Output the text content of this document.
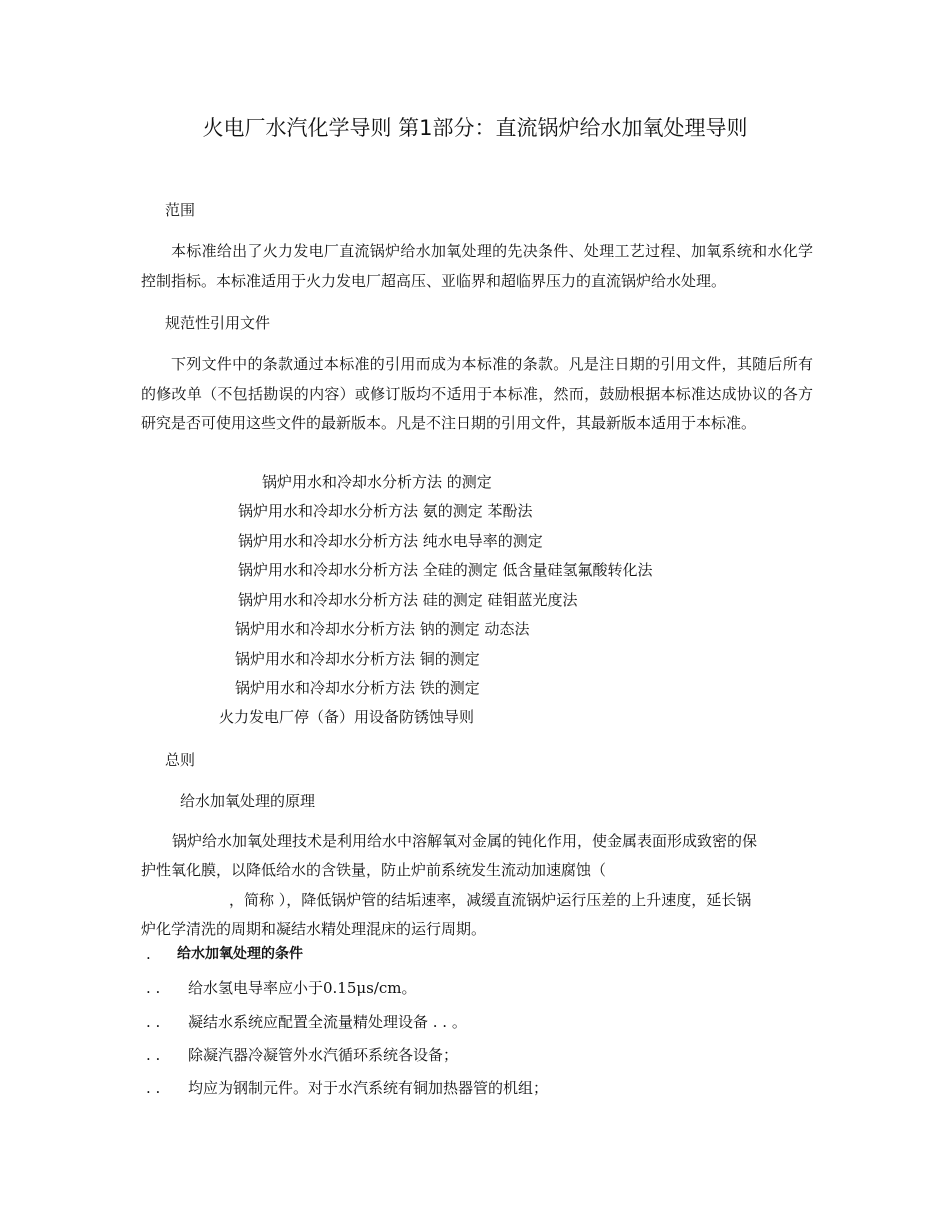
火电厂水汽化学导则 第1部分：直流锅炉给水加氧处理导则
范围
本标准给出了火力发电厂直流锅炉给水加氧处理的先决条件、处理工艺过程、加氧系统和水化学控制指标。本标准适用于火力发电厂超高压、亚临界和超临界压力的直流锅炉给水处理。
规范性引用文件
下列文件中的条款通过本标准的引用而成为本标准的条款。凡是注日期的引用文件，其随后所有的修改单（不包括勘误的内容）或修订版均不适用于本标准，然而，鼓励根据本标准达成协议的各方研究是否可使用这些文件的最新版本。凡是不注日期的引用文件，其最新版本适用于本标准。
锅炉用水和冷却水分析方法 的测定
锅炉用水和冷却水分析方法 氨的测定 苯酚法
锅炉用水和冷却水分析方法 纯水电导率的测定
锅炉用水和冷却水分析方法 全硅的测定 低含量硅氢氟酸转化法
锅炉用水和冷却水分析方法 硅的测定 硅钼蓝光度法
锅炉用水和冷却水分析方法 钠的测定 动态法
锅炉用水和冷却水分析方法 铜的测定
锅炉用水和冷却水分析方法 铁的测定
火力发电厂停（备）用设备防锈蚀导则
总则
给水加氧处理的原理
锅炉给水加氧处理技术是利用给水中溶解氧对金属的钝化作用，使金属表面形成致密的保
护性氧化膜，以降低给水的含铁量，防止炉前系统发生流动加速腐蚀（
，简称 ），降低锅炉管的结垢速率，减缓直流锅炉运行压差的上升速度，延长锅
炉化学清洗的周期和凝结水精处理混床的运行周期。
. 给水加氧处理的条件
. . 给水氢电导率应小于0.15μs/cm。
. . 凝结水系统应配置全流量精处理设备 . . 。
. . 除凝汽器冷凝管外水汽循环系统各设备；
. . 均应为钢制元件。对于水汽系统有铜加热器管的机组；
